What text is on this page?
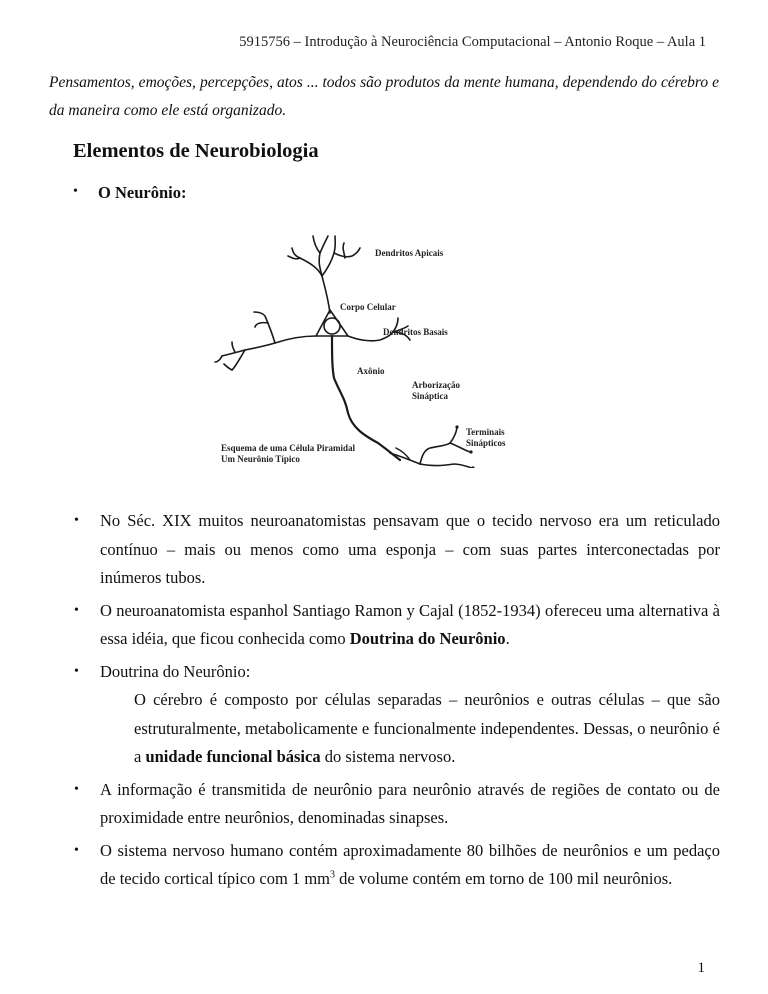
5915756 – Introdução à Neurociência Computacional – Antonio Roque – Aula 1
Pensamentos, emoções, percepções, atos ... todos são produtos da mente humana, dependendo do cérebro e da maneira como ele está organizado.
Elementos de Neurobiologia
• O Neurônio:
Dendritos Apicais
Corpo Celular
Dendritos Basais
Axônio
Arborização
Sináptica
Terminais
Sinápticos
Esquema de uma Célula Piramidal
Um Neurônio Típico
• No Séc. XIX muitos neuroanatomistas pensavam que o tecido nervoso era um reticulado contínuo – mais ou menos como uma esponja – com suas partes interconectadas por inúmeros tubos.
• O neuroanatomista espanhol Santiago Ramon y Cajal (1852-1934) ofereceu uma alternativa à essa idéia, que ficou conhecida como Doutrina do Neurônio.
• Doutrina do Neurônio:
O cérebro é composto por células separadas – neurônios e outras células – que são estruturalmente, metabolicamente e funcionalmente independentes. Dessas, o neurônio é a unidade funcional básica do sistema nervoso.
• A informação é transmitida de neurônio para neurônio através de regiões de contato ou de proximidade entre neurônios, denominadas sinapses.
• O sistema nervoso humano contém aproximadamente 80 bilhões de neurônios e um pedaço de tecido cortical típico com 1 $mm^3$ de volume contém em torno de 100 mil neurônios.
1
